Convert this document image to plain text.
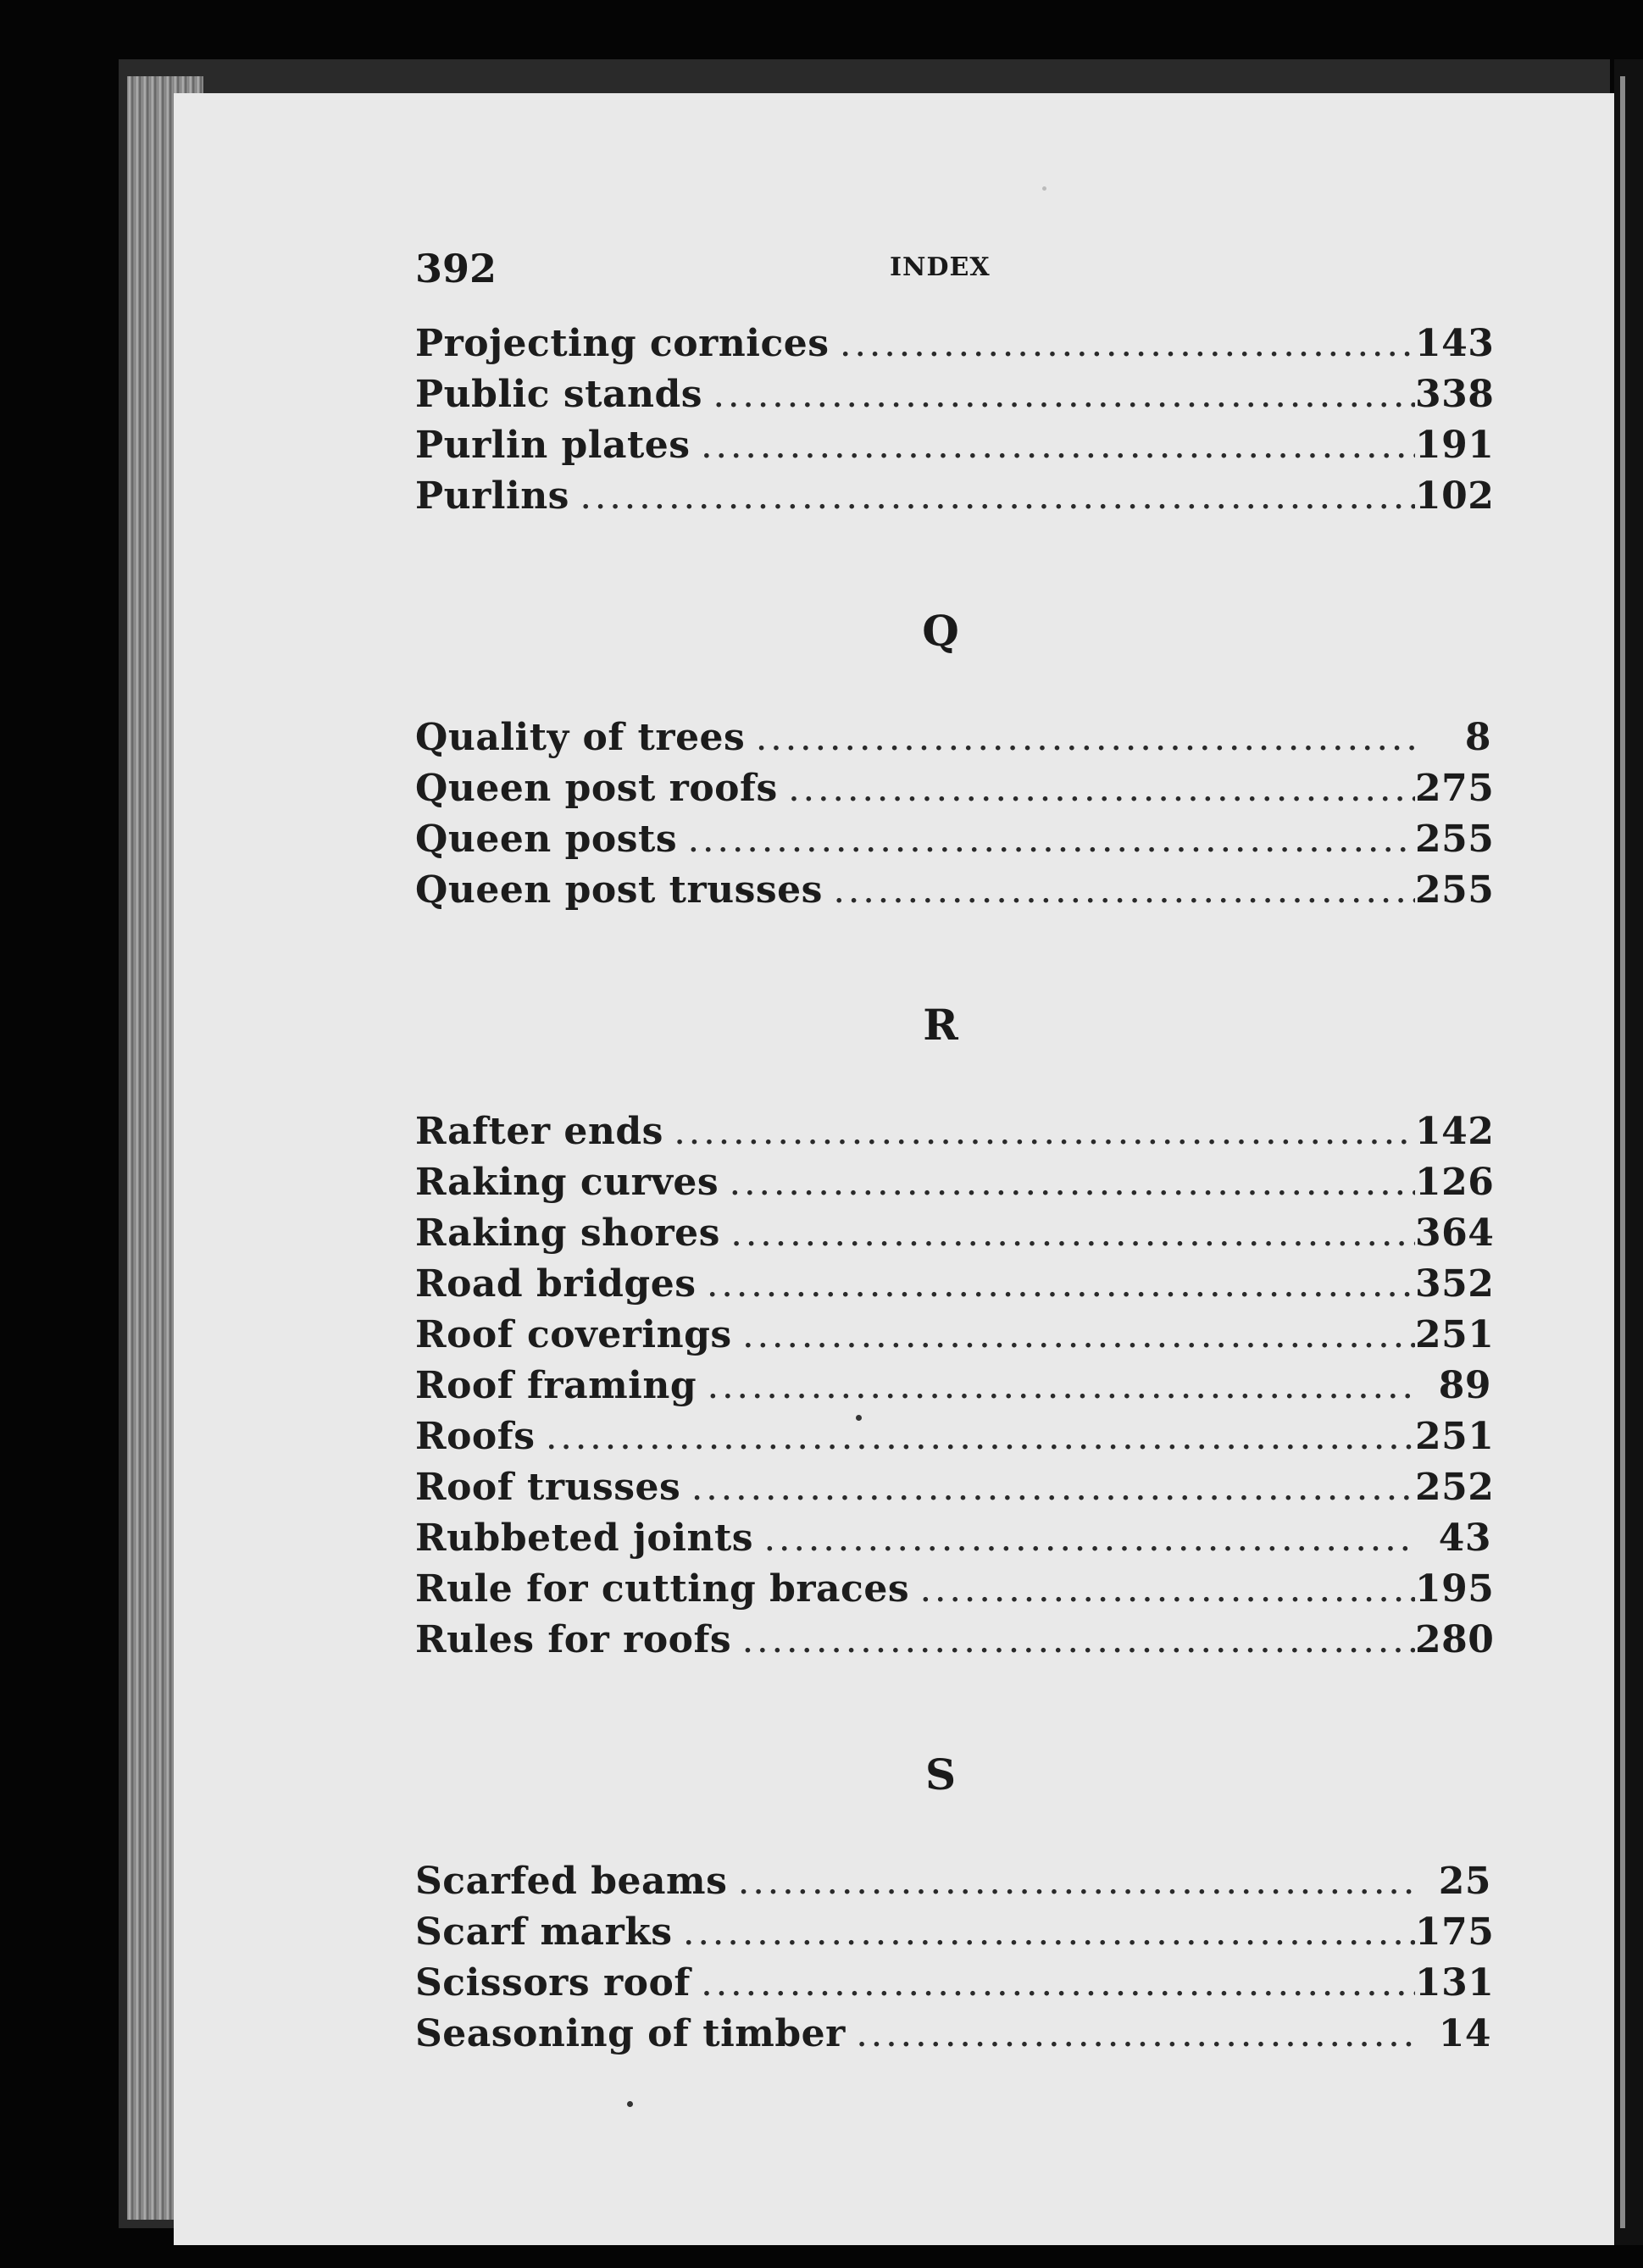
392	INDEX
Projecting cornices .....	143
Public stands .....	338
Purlin plates .....	191
Purlins .....	102
Q
Quality of trees .....	8
Queen post roofs .....	275
Queen posts .....	255
Queen post trusses .....	255
R
Rafter ends .....	142
Raking curves .....	126
Raking shores .....	364
Road bridges .....	352
Roof coverings .....	251
Roof framing .....	89
Roofs .....	251
Roof trusses .....	252
Rubbeted joints .....	43
Rule for cutting braces .....	195
Rules for roofs .....	280
S
Scarfed beams .....	25
Scarf marks .....	175
Scissors roof .....	131
Seasoning of timber .....	14
